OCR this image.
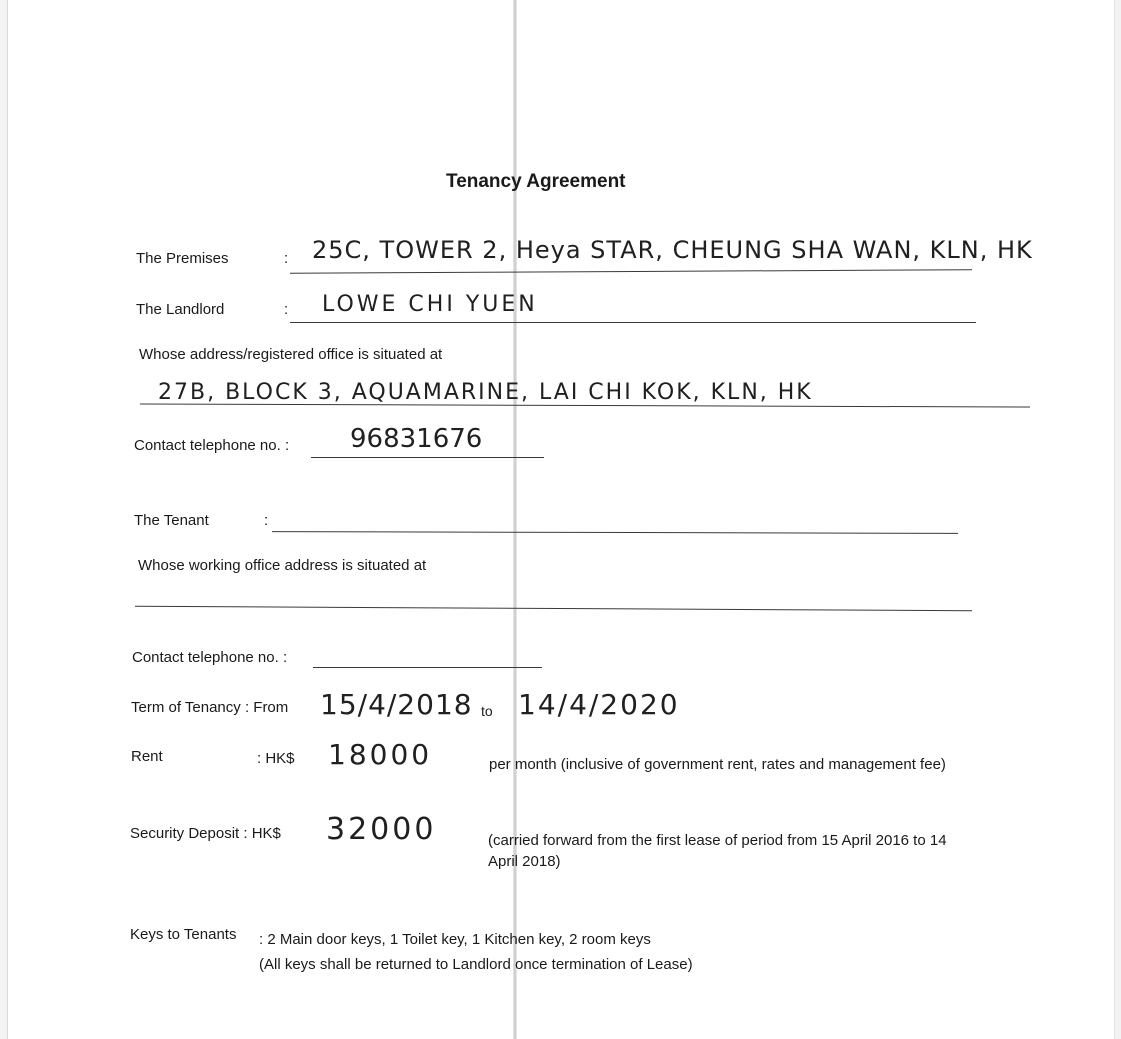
Tenancy Agreement
The Premises	: 25C, TOWER 2, Heya STAR, CHEUNG SHA WAN, KLN, HK
The Landlord	: LOWE CHI YUEN
Whose address/registered office is situated at
27B, BLOCK 3, AQUAMARINE, LAI CHI KOK, KLN, HK
Contact telephone no. : 96831676
The Tenant	:
Whose working office address is situated at
Contact telephone no. :
Term of Tenancy : From 15/4/2018 to 14/4/2020
Rent	: HK$ 18000	per month (inclusive of government rent, rates and management fee)
Security Deposit : HK$ 32000	(carried forward from the first lease of period from 15 April 2016 to 14
April 2018)
Keys to Tenants : 2 Main door keys, 1 Toilet key, 1 Kitchen key, 2 room keys
(All keys shall be returned to Landlord once termination of Lease)
